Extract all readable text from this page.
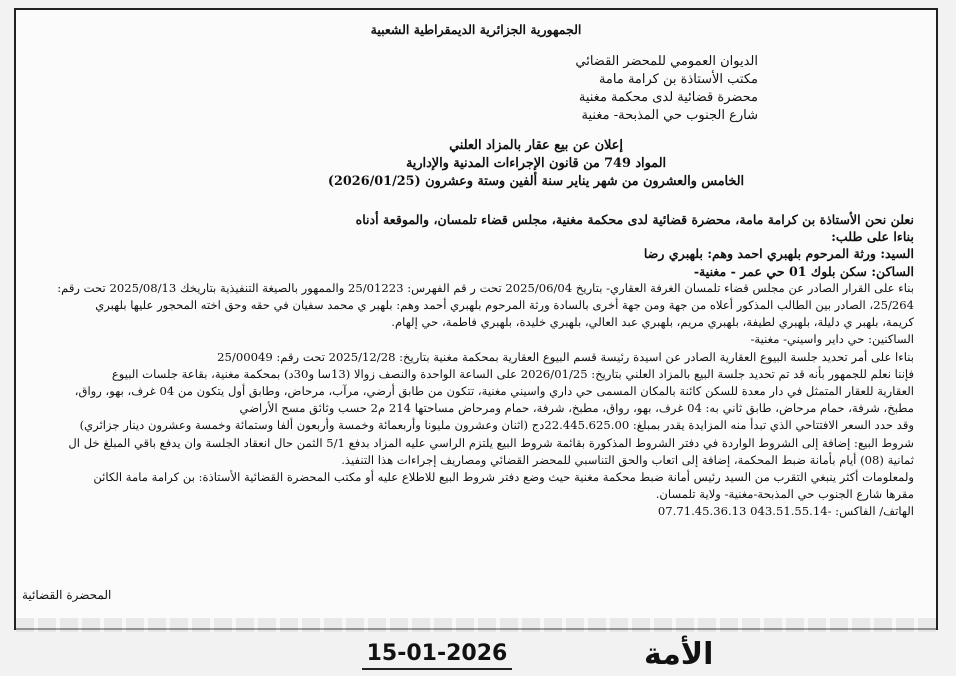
الجمهورية الجزائرية الديمقراطية الشعبية
الديوان العمومي للمحضر القضائي
مكتب الأستاذة بن كرامة مامة
محضرة قضائية لدى محكمة مغنية
شارع الجنوب حي المذبحة- مغنية
إعلان عن بيع عقار بالمزاد العلني
المواد 749 من قانون الإجراءات المدنية والإدارية
الخامس والعشرون من شهر يناير سنة ألفين وستة وعشرون (2026/01/25)
نعلن نحن الأستاذة بن كرامة مامة، محضرة قضائية لدى محكمة مغنية، مجلس قضاء تلمسان، والموقعة أدناه
بناءا على طلب:
السيد: ورثة المرحوم بلهبري احمد وهم: بلهبري رضا
الساكن: سكن بلوك 01 حي عمر - مغنية-
بناء على القرار الصادر عن مجلس قضاء تلمسان الغرفة العقاري- بتاريخ 2025/06/04 تحت ر قم الفهرس: 25/01223 والممهور بالصيغة التنفيذية بتاريخك 2025/08/13 تحت رقم:
25/264، الصادر بين الطالب المذكور أعلاه من جهة ومن جهة أخرى بالسادة ورثة المرحوم بلهبري أحمد وهم: بلهبر ي محمد سفيان في حقه وحق اخته المحجور عليها بلهبري
كريمة، بلهبر ي دليلة، بلهبري لطيفة، بلهبري مريم، بلهبري عبد العالي، بلهبري خليدة، بلهبري فاطمة، حي إلهام.
الساكنين: حي داير واسيني- مغنية-
بناءا على أمر تحديد جلسة البيوع العقارية الصادر عن اسيدة رئيسة قسم البيوع العقارية بمحكمة مغنية بتاريخ: 2025/12/28 تحت رقم: 25/00049
فإننا نعلم للجمهور بأنه قد تم تحديد جلسة البيع بالمزاد العلني بتاريخ: 2026/01/25 على الساعة الواحدة والنصف زوالا (13سا و30د) بمحكمة مغنية، بقاعة جلسات البيوع
العقارية للعقار المتمثل في دار معدة للسكن كائنة بالمكان المسمى حي داري واسيني مغنية، تتكون من طابق أرضي، مرآب، مرحاض، وطابق أول يتكون من 04 غرف، بهو، رواق،
مطبخ، شرفة، حمام مرحاض، طابق ثاني به: 04 غرف، بهو، رواق، مطبخ، شرفة، حمام ومرحاض مساحتها 214 م2 حسب وثائق مسح الأراضي
وقد حدد السعر الافتتاحي الذي تبدأ منه المزايدة يقدر بمبلغ: 22.445.625.00دج (اثنان وعشرون مليونا وأربعمائة وخمسة وأربعون ألفا وستمائة وخمسة وعشرون دينار جزائري)
شروط البيع: إضافة إلى الشروط الواردة في دفتر الشروط المذكورة بقائمة شروط البيع يلتزم الراسي عليه المزاد بدفع 5/1 الثمن حال انعقاد الجلسة وان يدفع باقي المبلغ خل ال
ثمانية (08) أيام بأمانة ضبط المحكمة، إضافة إلى اتعاب والحق التناسبي للمحضر القضائي ومصاريف إجراءات هذا التنفيذ.
ولمعلومات أكثر ينبغي التقرب من السيد رئيس أمانة ضبط محكمة مغنية حيث وضع دفتر شروط البيع للاطلاع عليه أو مكتب المحضرة القضائية الأستاذة: بن كرامة مامة الكائن
مقرها شارع الجنوب حي المذبحة-مغنية- ولاية تلمسان.
الهاتف/ الفاكس: -043.51.55.14 07.71.45.36.13
المحضرة القضائية
الأمة
15-01-2026
